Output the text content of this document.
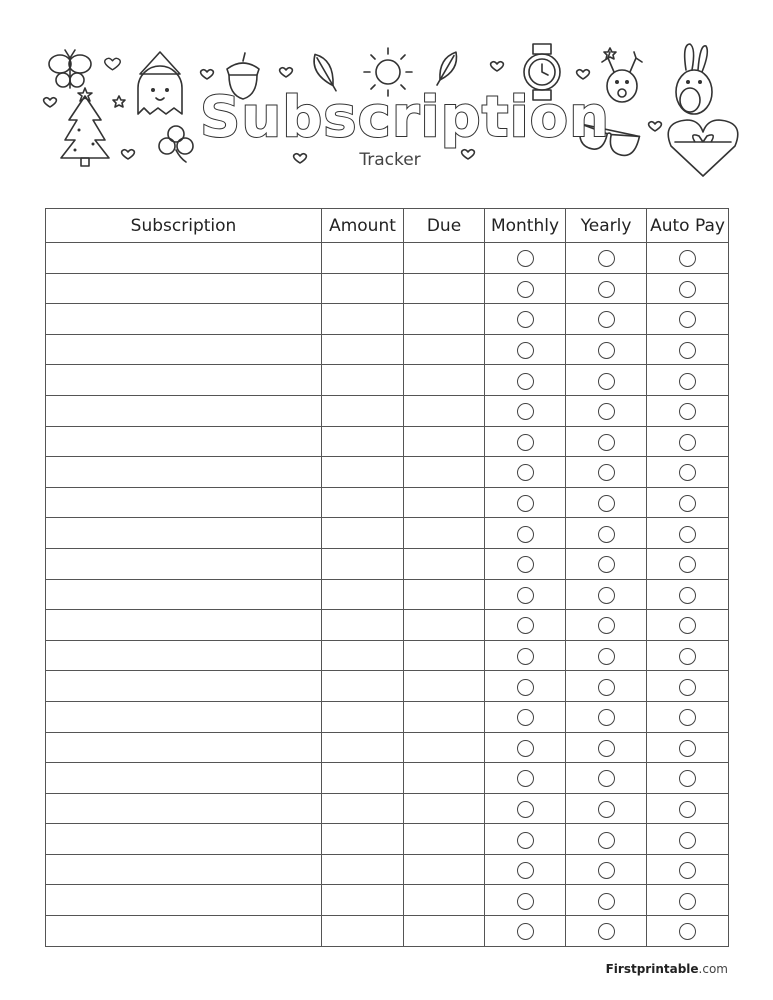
Subscription
Tracker
Subscription	Amount	Due	Monthly	Yearly	Auto Pay

Firstprintable.com
